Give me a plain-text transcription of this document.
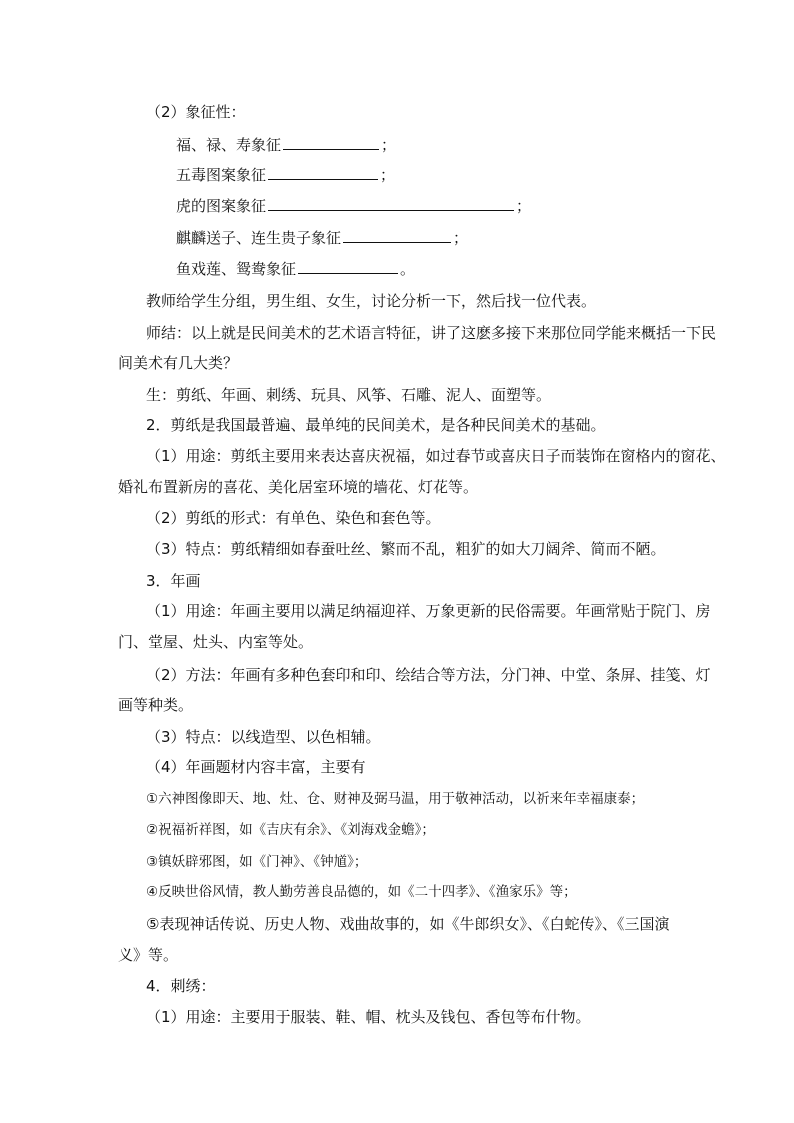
（2）象征性：
福、禄、寿象征	；
五毒图案象征	；
虎的图案象征	；
麒麟送子、连生贵子象征	；
鱼戏莲、鸳鸯象征	。
教师给学生分组，男生组、女生，讨论分析一下，然后找一位代表。
师结：以上就是民间美术的艺术语言特征，讲了这麽多接下来那位同学能来概括一下民
间美术有几大类？
生：剪纸、年画、刺绣、玩具、风筝、石雕、泥人、面塑等。
2．剪纸是我国最普遍、最单纯的民间美术，是各种民间美术的基础。
（1）用途：剪纸主要用来表达喜庆祝福，如过春节或喜庆日子而装饰在窗格内的窗花、
婚礼布置新房的喜花、美化居室环境的墙花、灯花等。
（2）剪纸的形式：有单色、染色和套色等。
（3）特点：剪纸精细如春蚕吐丝、繁而不乱，粗犷的如大刀阔斧、简而不陋。
3．年画
（1）用途：年画主要用以满足纳福迎祥、万象更新的民俗需要。年画常贴于院门、房
门、堂屋、灶头、内室等处。
（2）方法：年画有多种色套印和印、绘结合等方法，分门神、中堂、条屏、挂笺、灯
画等种类。
（3）特点：以线造型、以色相辅。
（4）年画题材内容丰富，主要有
①六神图像即天、地、灶、仓、财神及弼马温，用于敬神活动，以祈来年幸福康泰；
②祝福祈祥图，如《吉庆有余》、《刘海戏金蟾》；
③镇妖辟邪图，如《门神》、《钟馗》；
④反映世俗风情，教人勤劳善良品德的，如《二十四孝》、《渔家乐》等；
⑤表现神话传说、历史人物、戏曲故事的，如《牛郎织女》、《白蛇传》、《三国演
义》等。
4．刺绣：
（1）用途：主要用于服装、鞋、帽、枕头及钱包、香包等布什物。
